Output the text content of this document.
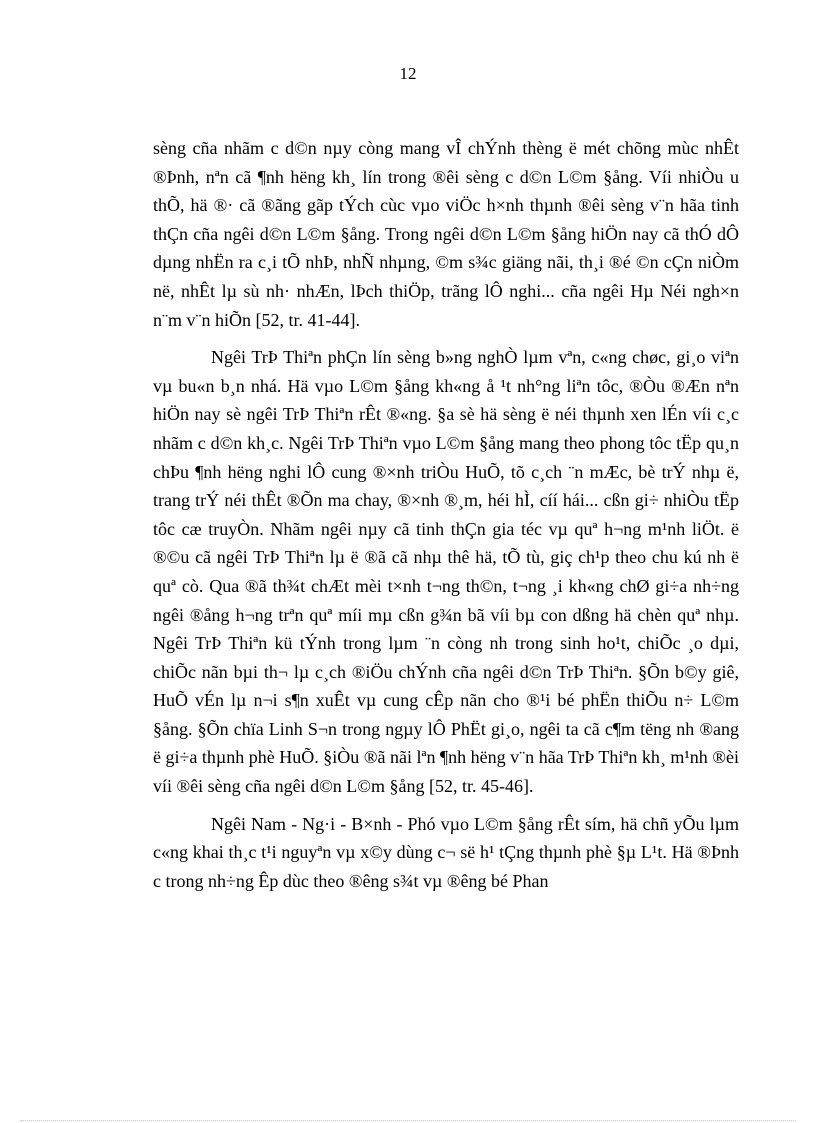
12

sèng cña nhãm c d©n nµy còng mang vÎ chÝnh thèng ë mét chõng mùc nhÊt ®Þnh, nªn cã ¶nh hëng kh¸ lín trong ®êi sèng c d©n L©m §ång. Víi nhiÒu u thÕ, hä ®· cã ®ãng gãp tÝch cùc vµo viÖc h×nh thµnh ®êi sèng v¨n hãa tinh thÇn cña ngêi d©n L©m §ång. Trong ngêi d©n L©m §ång hiÖn nay cã thÓ dÔ dµng nhËn ra c¸i tÕ nhÞ, nhÑ nhµng, ©m s¾c giäng nãi, th¸i ®é ©n cÇn niÒm në, nhÊt lµ sù nh· nhÆn, lÞch thiÖp, trãng lÔ nghi... cña ngêi Hµ Néi ngh×n n¨m v¨n hiÕn [52, tr. 41-44].

Ngêi TrÞ Thiªn phÇn lín sèng b»ng nghÒ lµm vªn, c«ng chøc, gi¸o viªn vµ bu«n b¸n nhá. Hä vµo L©m §ång kh«ng å ¹t nh°ng liªn tôc, ®Òu ®Æn nªn hiÖn nay sè ngêi TrÞ Thiªn rÊt ®«ng. §a sè hä sèng ë néi thµnh xen lÉn víi c¸c nhãm c d©n kh¸c. Ngêi TrÞ Thiªn vµo L©m §ång mang theo phong tôc tËp qu¸n chÞu ¶nh hëng nghi lÔ cung ®×nh triÒu HuÕ, tõ c¸ch ¨n mÆc, bè trÝ nhµ ë, trang trÝ néi thÊt ®Õn ma chay, ®×nh ®¸m, héi hÌ, cíí hái... cßn gi÷ nhiÒu tËp tôc cæ truyÒn. Nhãm ngêi nµy cã tinh thÇn gia téc vµ quª h¬ng m¹nh liÖt. ë ®©u cã ngêi TrÞ Thiªn lµ ë ®ã cã nhµ thê hä, tÕ tù, giç ch¹p theo chu kú nh ë quª cò. Qua ®ã th¾t chÆt mèi t×nh t¬ng th©n, t¬ng ¸i kh«ng chØ gi÷a nh÷ng ngêi ®ång h¬ng trªn quª míi mµ cßn g¾n bã víi bµ con dßng hä chèn quª nhµ. Ngêi TrÞ Thiªn kü tÝnh trong lµm ¨n còng nh trong sinh ho¹t, chiÕc ¸o dµi, chiÕc nãn bµi th¬ lµ c¸ch ®iÖu chÝnh cña ngêi d©n TrÞ Thiªn. §Õn b©y giê, HuÕ vÉn lµ n¬i s¶n xuÊt vµ cung cÊp nãn cho ®¹i bé phËn thiÕu n÷ L©m §ång. §Õn chïa Linh S¬n trong ngµy lÔ PhËt gi¸o, ngêi ta cã c¶m tëng nh ®ang ë gi÷a thµnh phè HuÕ. §iÒu ®ã nãi lªn ¶nh hëng v¨n hãa TrÞ Thiªn kh¸ m¹nh ®èi víi ®êi sèng cña ngêi d©n L©m §ång [52, tr. 45-46].

Ngêi Nam - Ng·i - B×nh - Phó vµo L©m §ång rÊt sím, hä chñ yÕu lµm c«ng khai th¸c t¹i nguyªn vµ x©y dùng c¬ së h¹ tÇng thµnh phè §µ L¹t. Hä ®Þnh c trong nh÷ng Êp dùc theo ®êng s¾t vµ ®êng bé Phan
